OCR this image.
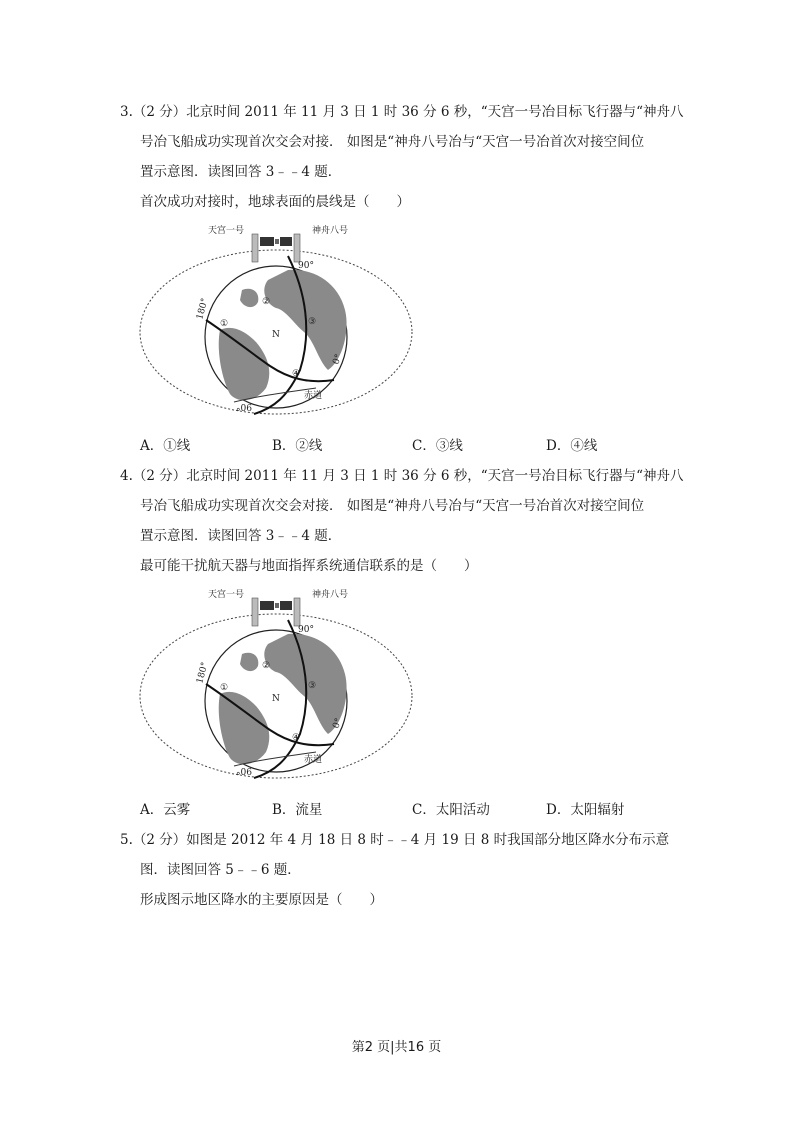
3.（2 分）北京时间 2011 年 11 月 3 日 1 时 36 分 6 秒，“天宫一号冶目标飞行器与“神舟八
号冶飞船成功实现首次交会对接． 如图是“神舟八号冶与“天宫一号冶首次对接空间位
置示意图．读图回答 3﹣﹣4 题．
首次成功对接时，地球表面的晨线是（　　）
天宫一号	神舟八号
90°
180°
0°
90°
N
赤道
①
②
③
④
A．①线	B．②线	C．③线	D．④线
4.（2 分）北京时间 2011 年 11 月 3 日 1 时 36 分 6 秒，“天宫一号冶目标飞行器与“神舟八
号冶飞船成功实现首次交会对接． 如图是“神舟八号冶与“天宫一号冶首次对接空间位
置示意图．读图回答 3﹣﹣4 题．
最可能干扰航天器与地面指挥系统通信联系的是（　　）
天宫一号	神舟八号
90°
180°
0°
90°
N
赤道
①
②
③
④
A．云雾	B．流星	C．太阳活动	D．太阳辐射
5.（2 分）如图是 2012 年 4 月 18 日 8 时﹣﹣4 月 19 日 8 时我国部分地区降水分布示意
图．读图回答 5﹣﹣6 题．
形成图示地区降水的主要原因是（　　）
第2 页|共16 页
